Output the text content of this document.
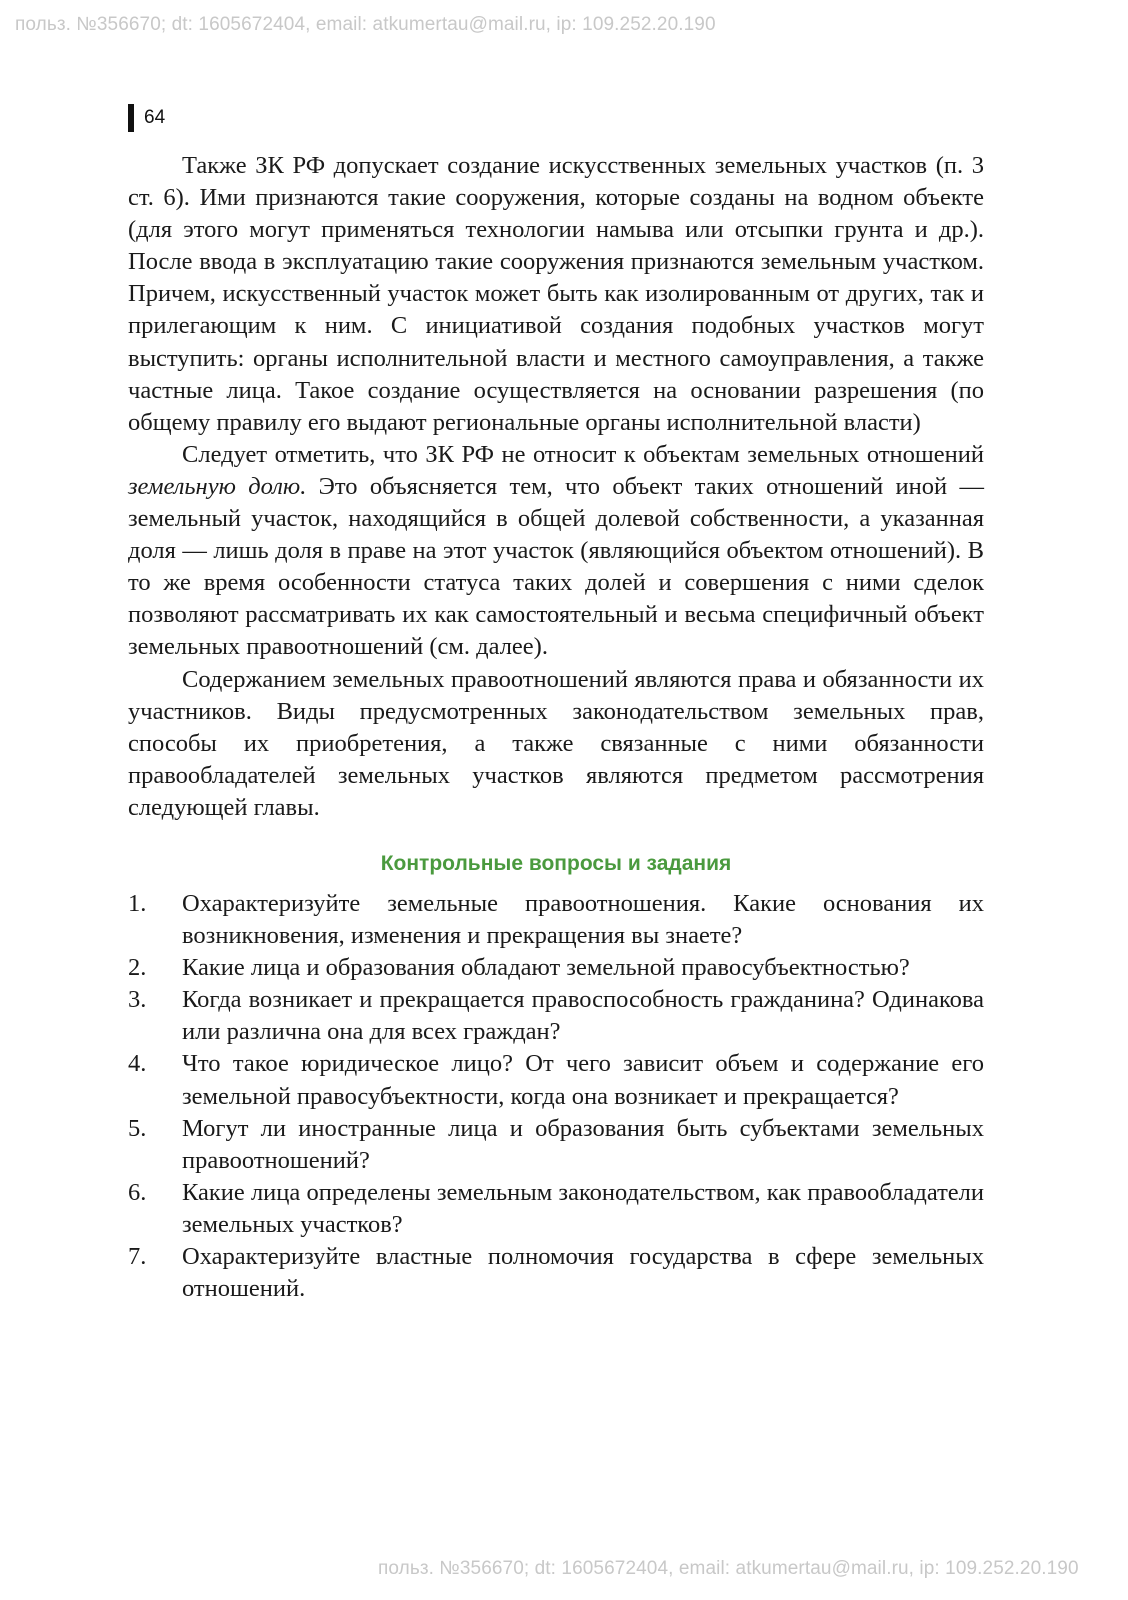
польз. №356670; dt: 1605672404, email: atkumertau@mail.ru, ip: 109.252.20.190
64

Также ЗК РФ допускает создание искусственных земельных участков (п. 3 ст. 6). Ими признаются такие сооружения, которые созданы на водном объекте (для этого могут применяться технологии намыва или отсыпки грунта и др.). После ввода в эксплуатацию такие сооружения признаются земельным участком. Причем, искусственный участок может быть как изолированным от других, так и прилегающим к ним. С инициативой создания подобных участков могут выступить: органы исполнительной власти и местного самоуправления, а также частные лица. Такое создание осуществляется на основании разрешения (по общему правилу его выдают региональные органы исполнительной власти)

Следует отметить, что ЗК РФ не относит к объектам земельных отношений земельную долю. Это объясняется тем, что объект таких отношений иной — земельный участок, находящийся в общей долевой собственности, а указанная доля — лишь доля в праве на этот участок (являющийся объектом отношений). В то же время особенности статуса таких долей и совершения с ними сделок позволяют рассматривать их как самостоятельный и весьма специфичный объект земельных правоотношений (см. далее).

Содержанием земельных правоотношений являются права и обязанности их участников. Виды предусмотренных законодательством земельных прав, способы их приобретения, а также связанные с ними обязанности правообладателей земельных участков являются предметом рассмотрения следующей главы.

Контрольные вопросы и задания
1.	Охарактеризуйте земельные правоотношения. Какие основания их возникновения, изменения и прекращения вы знаете?
2.	Какие лица и образования обладают земельной правосубъектностью?
3.	Когда возникает и прекращается правоспособность гражданина? Одинакова или различна она для всех граждан?
4.	Что такое юридическое лицо? От чего зависит объем и содержание его земельной правосубъектности, когда она возникает и прекращается?
5.	Могут ли иностранные лица и образования быть субъектами земельных правоотношений?
6.	Какие лица определены земельным законодательством, как правообладатели земельных участков?
7.	Охарактеризуйте властные полномочия государства в сфере земельных отношений.
польз. №356670; dt: 1605672404, email: atkumertau@mail.ru, ip: 109.252.20.190
